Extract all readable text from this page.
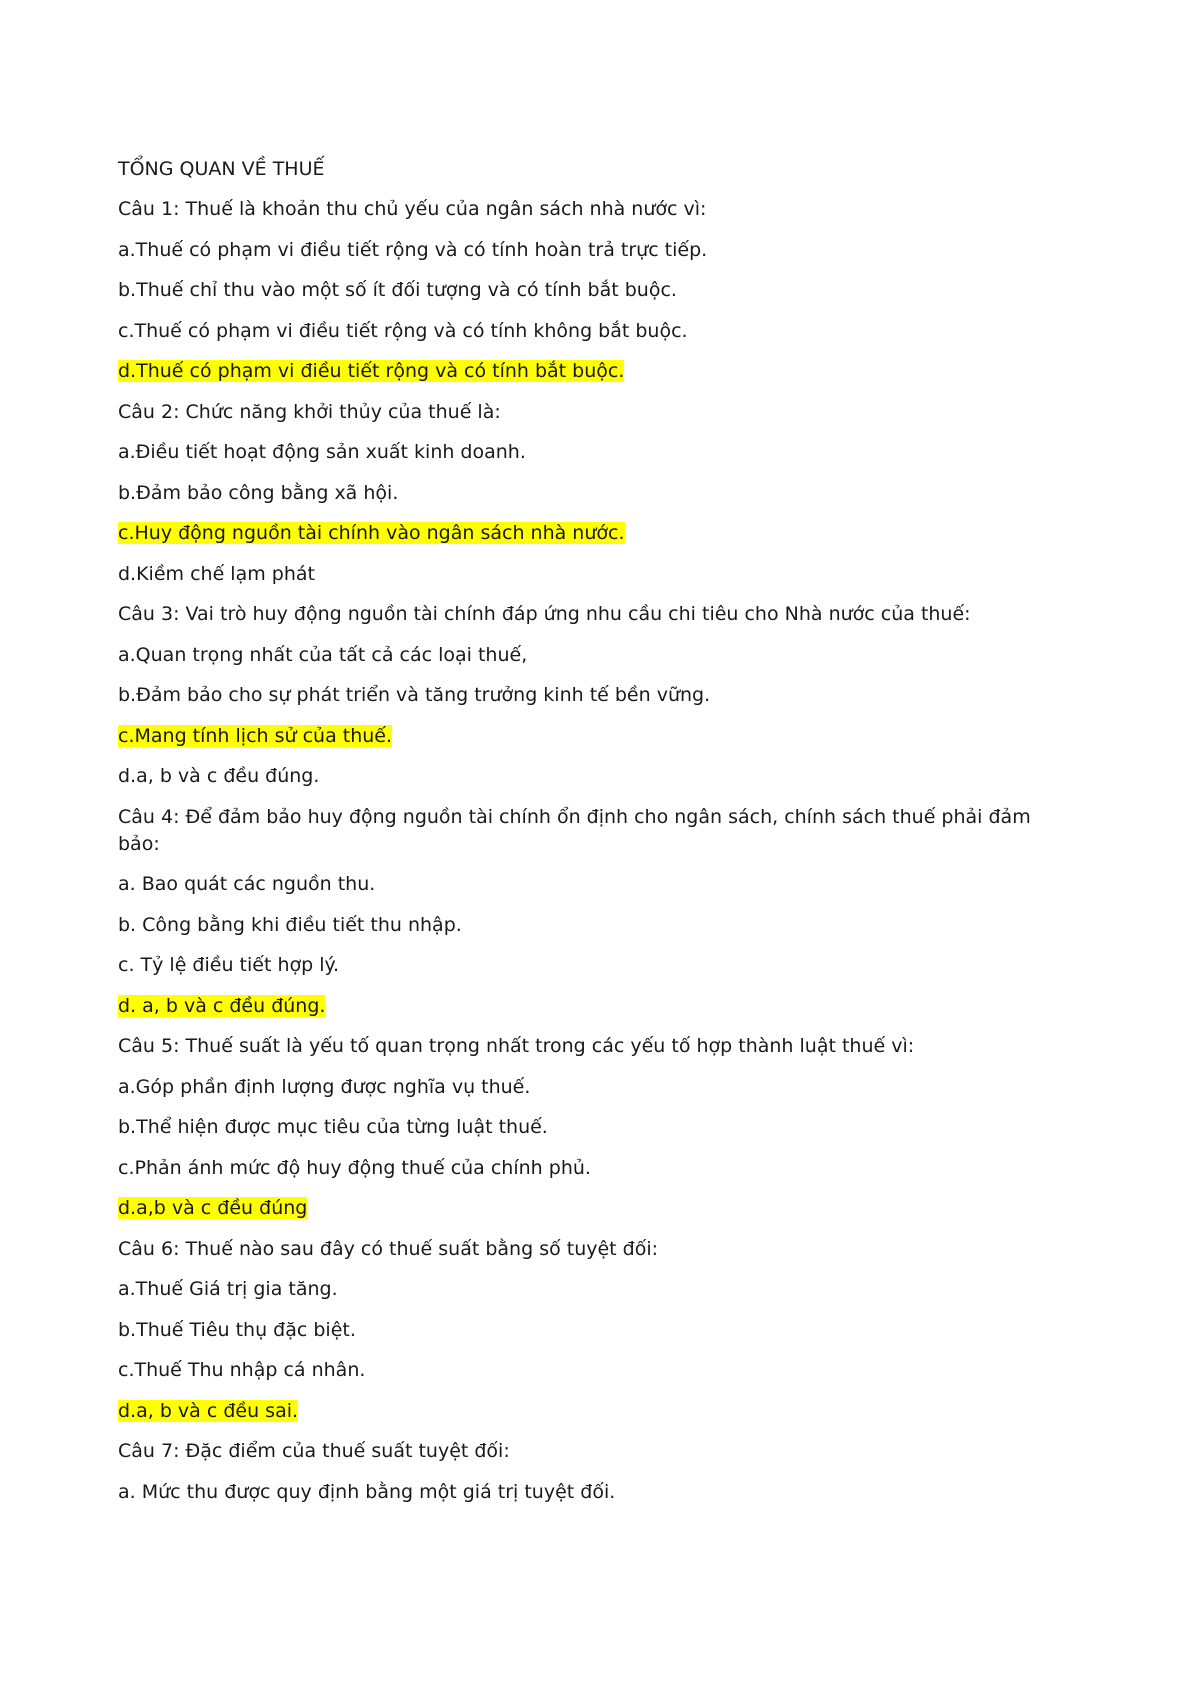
TỔNG QUAN VỀ THUẾ

Câu 1: Thuế là khoản thu chủ yếu của ngân sách nhà nước vì:

a.Thuế có phạm vi điều tiết rộng và có tính hoàn trả trực tiếp.

b.Thuế chỉ thu vào một số ít đối tượng và có tính bắt buộc.

c.Thuế có phạm vi điều tiết rộng và có tính không bắt buộc.

d.Thuế có phạm vi điều tiết rộng và có tính bắt buộc.

Câu 2: Chức năng khởi thủy của thuế là:

a.Điều tiết hoạt động sản xuất kinh doanh.

b.Đảm bảo công bằng xã hội.

c.Huy động nguồn tài chính vào ngân sách nhà nước.

d.Kiềm chế lạm phát

Câu 3: Vai trò huy động nguồn tài chính đáp ứng nhu cầu chi tiêu cho Nhà nước của thuế:

a.Quan trọng nhất của tất cả các loại thuế,

b.Đảm bảo cho sự phát triển và tăng trưởng kinh tế bền vững.

c.Mang tính lịch sử của thuế.

d.a, b và c đều đúng.

Câu 4: Để đảm bảo huy động nguồn tài chính ổn định cho ngân sách, chính sách thuế phải đảm bảo:

a. Bao quát các nguồn thu.

b. Công bằng khi điều tiết thu nhập.

c. Tỷ lệ điều tiết hợp lý.

d. a, b và c đều đúng.

Câu 5: Thuế suất là yếu tố quan trọng nhất trong các yếu tố hợp thành luật thuế vì:

a.Góp phần định lượng được nghĩa vụ thuế.

b.Thể hiện được mục tiêu của từng luật thuế.

c.Phản ánh mức độ huy động thuế của chính phủ.

d.a,b và c đều đúng

Câu 6: Thuế nào sau đây có thuế suất bằng số tuyệt đối:

a.Thuế Giá trị gia tăng.

b.Thuế Tiêu thụ đặc biệt.

c.Thuế Thu nhập cá nhân.

d.a, b và c đều sai.

Câu 7: Đặc điểm của thuế suất tuyệt đối:

a. Mức thu được quy định bằng một giá trị tuyệt đối.
